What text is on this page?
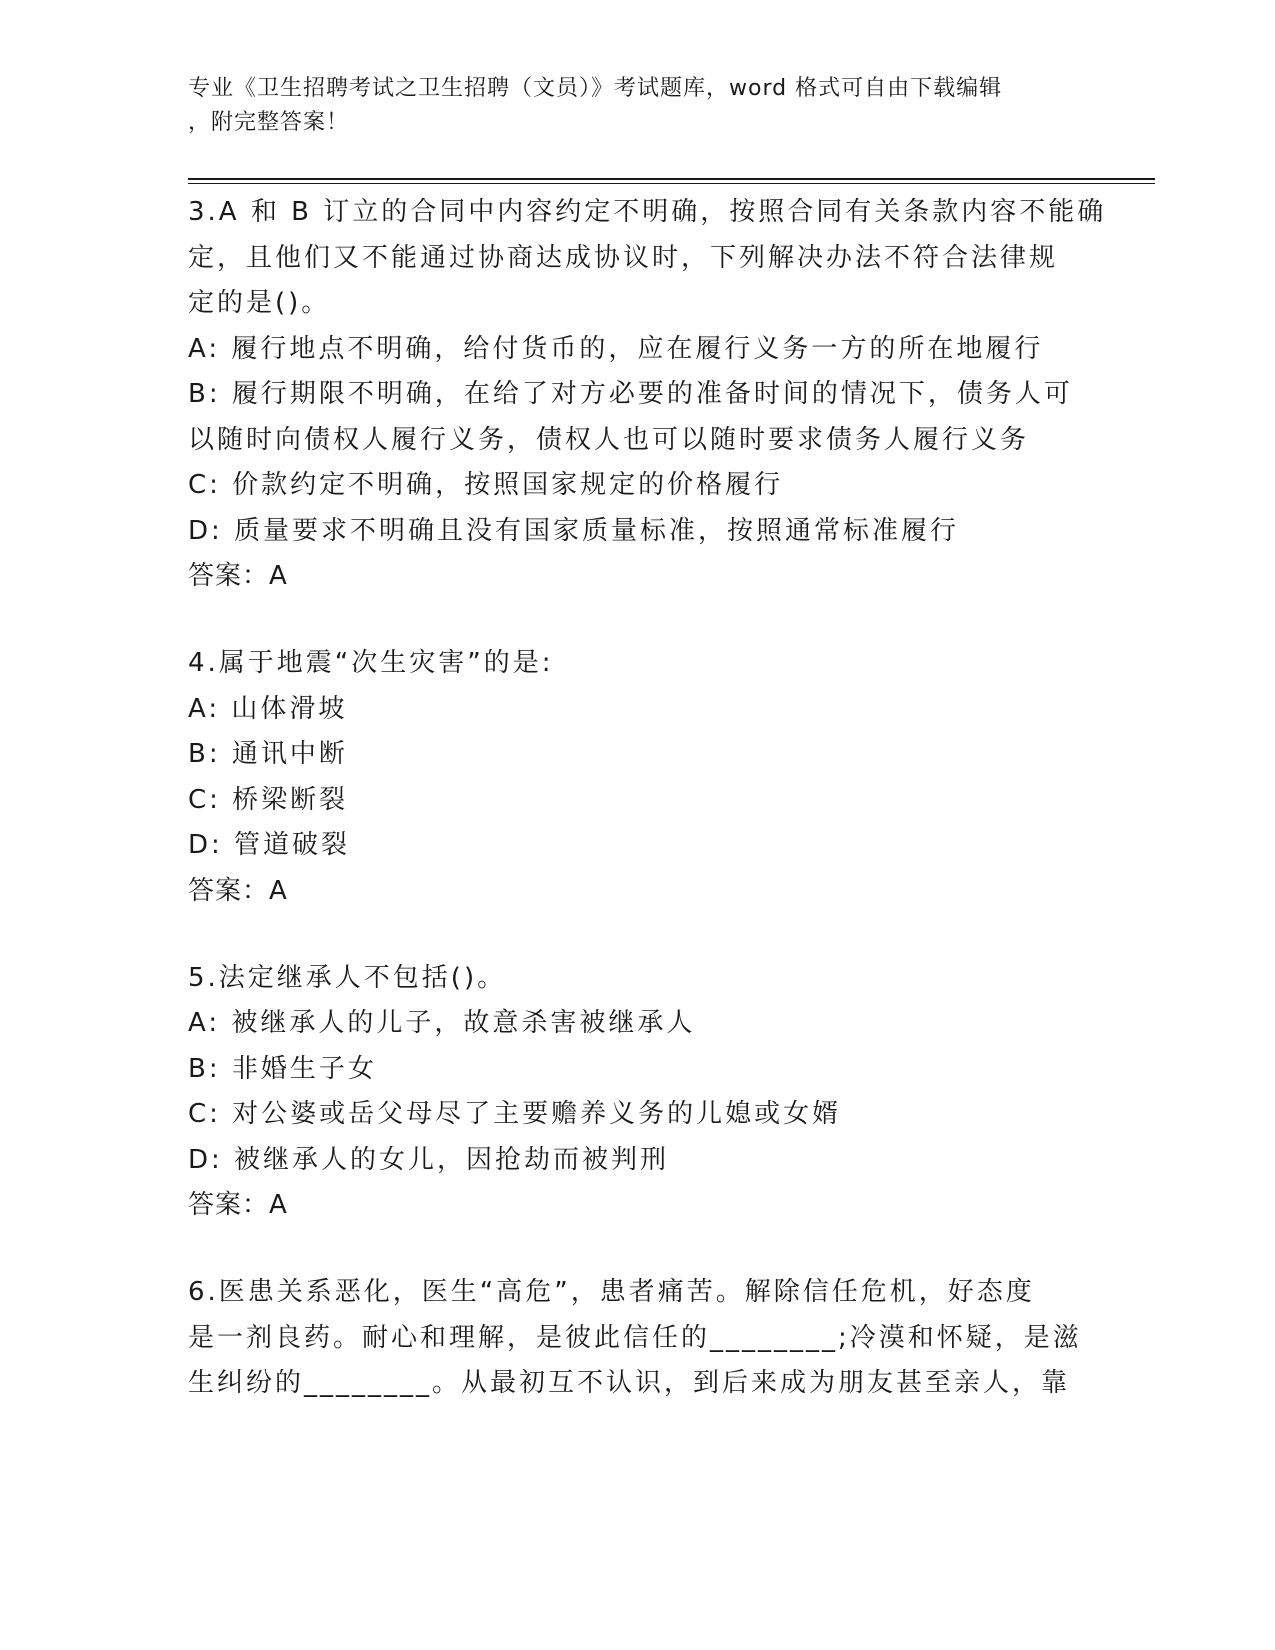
专业《卫生招聘考试之卫生招聘（文员）》考试题库，word 格式可自由下载编辑
，附完整答案！
3.A 和 B 订立的合同中内容约定不明确，按照合同有关条款内容不能确
定，且他们又不能通过协商达成协议时，下列解决办法不符合法律规
定的是()。
A: 履行地点不明确，给付货币的，应在履行义务一方的所在地履行
B: 履行期限不明确，在给了对方必要的准备时间的情况下，债务人可
以随时向债权人履行义务，债权人也可以随时要求债务人履行义务
C: 价款约定不明确，按照国家规定的价格履行
D: 质量要求不明确且没有国家质量标准，按照通常标准履行
答案：A
4.属于地震“次生灾害”的是:
A: 山体滑坡
B: 通讯中断
C: 桥梁断裂
D: 管道破裂
答案：A
5.法定继承人不包括()。
A: 被继承人的儿子，故意杀害被继承人
B: 非婚生子女
C: 对公婆或岳父母尽了主要赡养义务的儿媳或女婿
D: 被继承人的女儿，因抢劫而被判刑
答案：A
6.医患关系恶化，医生“高危”，患者痛苦。解除信任危机，好态度
是一剂良药。耐心和理解，是彼此信任的________;冷漠和怀疑，是滋
生纠纷的________。从最初互不认识，到后来成为朋友甚至亲人，靠
